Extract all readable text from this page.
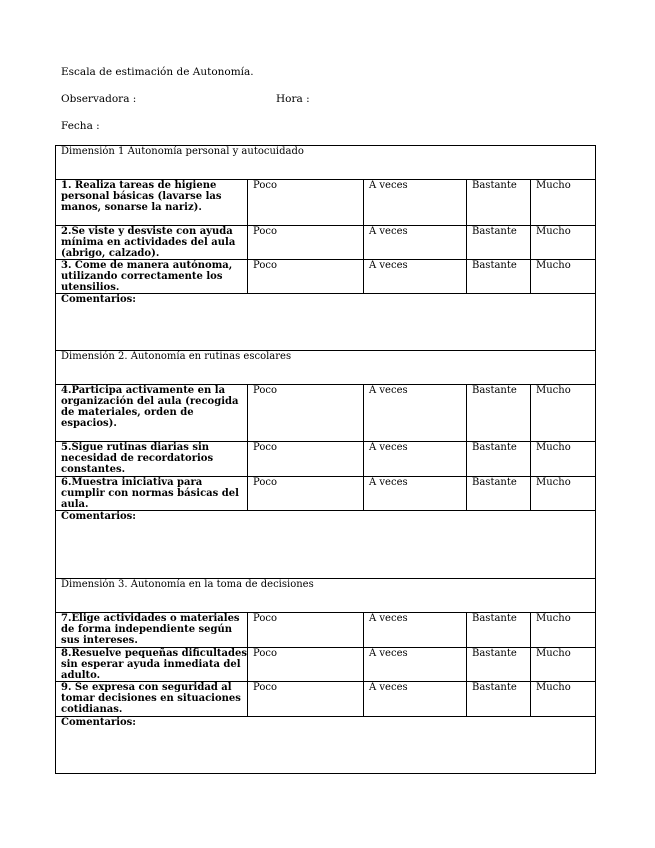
Escala de estimación de Autonomía.
Observadora :	Hora :
Fecha :
Dimensión 1 Autonomía personal y autocuidado				
1. Realiza tareas de higiene personal básicas (lavarse las manos, sonarse la nariz).	Poco	A veces	Bastante	Mucho
2.Se viste y desviste con ayuda mínima en actividades del aula (abrigo, calzado).	Poco	A veces	Bastante	Mucho
3. Come de manera autónoma, utilizando correctamente los utensilios.	Poco	A veces	Bastante	Mucho
Comentarios:				
Dimensión 2. Autonomía en rutinas escolares				
4.Participa activamente en la organización del aula (recogida de materiales, orden de espacios).	Poco	A veces	Bastante	Mucho
5.Sigue rutinas diarias sin necesidad de recordatorios constantes.	Poco	A veces	Bastante	Mucho
6.Muestra iniciativa para cumplir con normas básicas del aula.	Poco	A veces	Bastante	Mucho
Comentarios:				
Dimensión 3. Autonomía en la toma de decisiones				
7.Elige actividades o materiales de forma independiente según sus intereses.	Poco	A veces	Bastante	Mucho
8.Resuelve pequeñas dificultades sin esperar ayuda inmediata del adulto.	Poco	A veces	Bastante	Mucho
9. Se expresa con seguridad al tomar decisiones en situaciones cotidianas.	Poco	A veces	Bastante	Mucho
Comentarios:				
